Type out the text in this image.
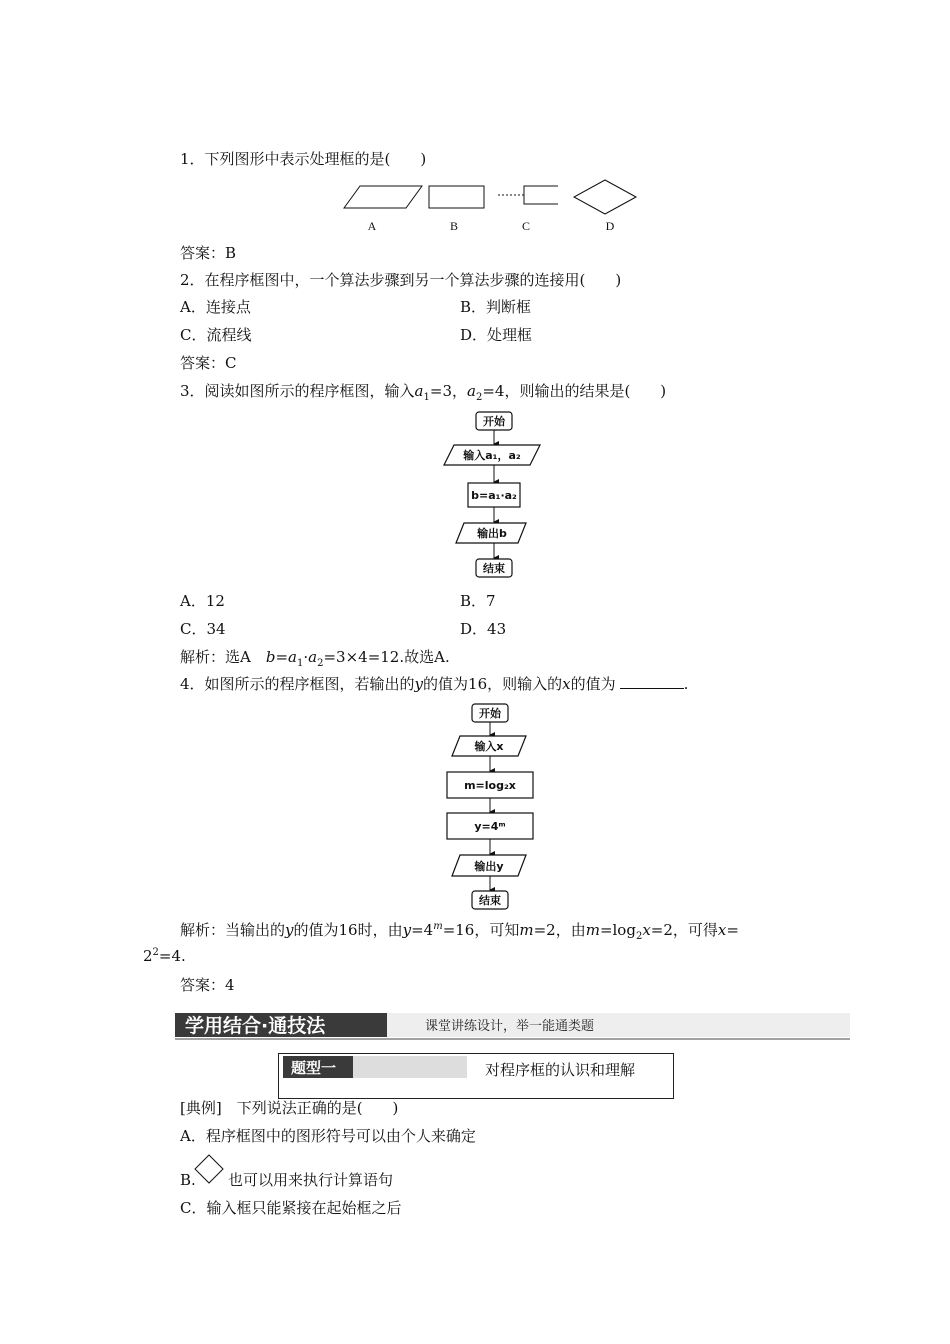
1．下列图形中表示处理框的是(　　)
A	B	C	D
答案：B
2．在程序框图中，一个算法步骤到另一个算法步骤的连接用(　　)
A．连接点	B．判断框
C．流程线	D．处理框
答案：C
3．阅读如图所示的程序框图，输入$a_1=3$，$a_2=4$，则输出的结果是(　　)
开始
输入a₁，a₂
b=a₁·a₂
输出b
结束
A．12	B．7
C．34	D．43
解析：选A　$b=a_1\cdot a_2=3\times 4=12$.故选A.
4．如图所示的程序框图，若输出的y的值为16，则输入的x的值为	.
开始
输入x
m=log₂x
y=4ᵐ
输出y
结束
解析：当输出的y的值为16时，由$y=4^m=16$，可知m=2，由$m=\log_2x=2$，可得x=
$2^2=4$.
答案：4
学用结合·通技法	课堂讲练设计，举一能通类题
题型一	对程序框的认识和理解
[典例]　下列说法正确的是(　　)
A．程序框图中的图形符号可以由个人来确定
B. 也可以用来执行计算语句
C．输入框只能紧接在起始框之后
